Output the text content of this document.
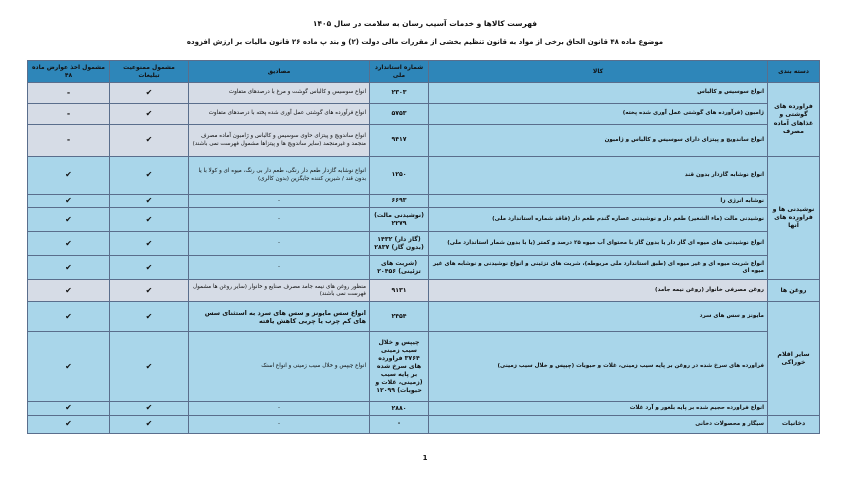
فهرست کالاها و خدمات آسیب رسان به سلامت در سال ۱۴۰۵
موضوع ماده ۴۸ قانون الحاق برخی از مواد به قانون تنظیم بخشی از مقررات مالی دولت (۲) و بند پ ماده ۲۶ قانون مالیات بر ارزش افزوده
دسته بندی	کالا	شماره استاندارد ملی	مصادیق	مشمول ممنوعیت تبلیغات	مشمول اخذ عوارض ماده ۴۸
فراورده های گوشتی و غذاهای آماده مصرف	انواع سوسیس و کالباس	۲۳۰۳	انواع سوسیس و کالباس گوشت و مرغ با درصدهای متفاوت	✔	-
	ژامبون (فرآورده های گوشتی عمل آوری شده پخته)	۵۷۵۳	انواع فرآورده های گوشتی عمل آوری شده پخته با درصدهای متفاوت	✔	-
	انواع ساندویچ و پیتزای دارای سوسیس و کالباس و ژامبون	۹۴۱۷	انواع ساندویچ و پیتزای حاوی سوسیس و کالباس و ژامبون آماده مصرف منجمد و غیرمنجمد (سایر ساندویچ ها و پیتزاها مشمول فهرست نمی باشند)	✔	-
نوشیدنی ها و فراورده های آنها	انواع نوشابه گازدار بدون قند	۱۲۵۰	انواع نوشابه گازدار طعم دار رنگی، طعم دار بی رنگ، میوه ای و کولا با یا بدون قند / شیرین کننده جایگزین (بدون کالری)	✔	✔
	نوشابه انرژی زا	۶۶۹۳	-	✔	✔
	نوشیدنی مالت (ماء الشعیر) طعم دار و نوشیدنی عصاره گندم طعم دار (فاقد شماره استاندارد ملی)	(نوشیدنی مالت) ۲۲۷۹	-	✔	✔
	انواع نوشیدنی های میوه ای گاز دار یا بدون گاز با محتوای آب میوه ۲۵ درصد و کمتر (یا با بدون شمار استاندارد ملی)	(گاز دار) ۱۴۳۲ (بدون گاز) ۲۸۳۷	-	✔	✔
	انواع شربت میوه ای و غیر میوه ای (طبق استاندارد ملی مربوطه)، شربت های تزئینی و انواع نوشیدنی و نوشابه های غیر میوه ای	(شربت های تزئینی) ۲۰۴۵۶	-	✔	✔
روغن ها	روغن مصرفی خانوار (روغن نیمه جامد)	۹۱۳۱	منظور روغن های نیمه جامد مصرف صنایع و خانوار (سایر روغن ها مشمول فهرست نمی باشند)	✔	✔
سایر اقلام خوراکی	مایونز و سس های سرد	۲۴۵۴	انواع سس مایونز و سس های سرد به استثنای سس های کم چرب یا چربی کاهش یافته	✔	✔
	فراورده های سرخ شده در روغن بر پایه سیب زمینی، غلات و حبوبات (چیپس و خلال سیب زمینی)	چیپس و خلال سیب زمینی ۳۷۶۴ فراورده های سرخ شده بر پایه سیب (زمینی، غلات و حبوبات) ۱۲۰۹۹	انواع چیپس و خلال سیب زمینی و انواع اسنک	✔	✔
	انواع فراورده حجیم شده بر پایه بلغور و آرد غلات	۲۸۸۰	-	✔	✔
دخانیات	سیگار و محصولات دخانی	-	-	✔	✔
1
